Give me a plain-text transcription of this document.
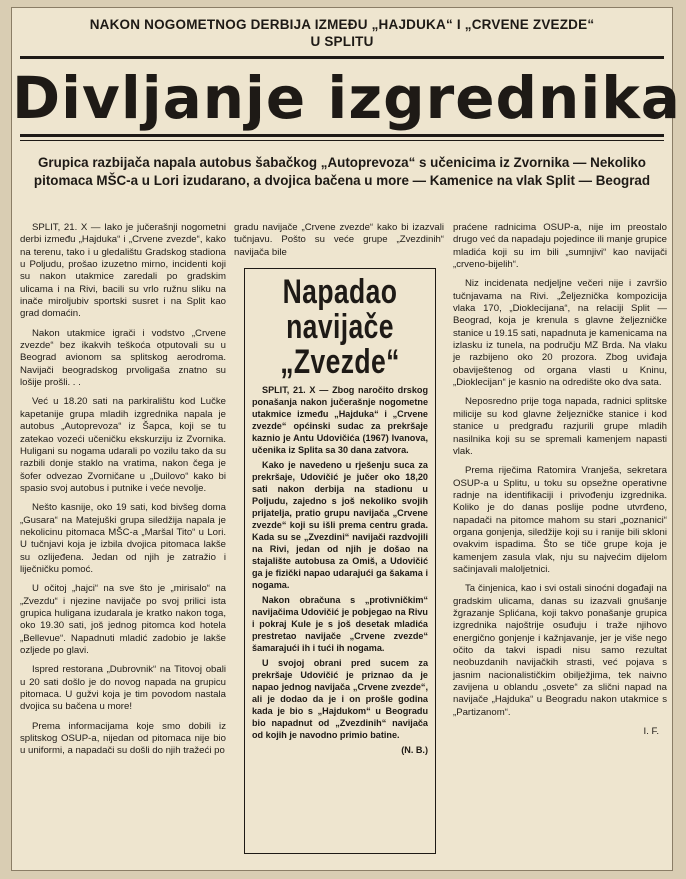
NAKON NOGOMETNOG DERBIJA IZMEĐU „HAJDUKA“ I „CRVENE ZVEZDE“
U SPLITU
Divljanje izgrednika
Grupica razbijača napala autobus šabačkog „Autoprevoza“ s učenicima iz Zvornika — Nekoliko pitomaca MŠC-a u Lori izudarano, a dvojica bačena u more — Kamenice na vlak Split — Beograd

SPLIT, 21. X — Iako je jučerašnji nogometni derbi između „Hajduka“ i „Crvene zvezde“, kako na terenu, tako i u gledalištu Gradskog stadiona u Poljudu, prošao izuzetno mirno, incidenti koji su nakon utakmice zaredali po gradskim ulicama i na Rivi, bacili su vrlo ružnu sliku na inače miroljubiv sportski susret i na Split kao grad domaćin.

Nakon utakmice igrači i vodstvo „Crvene zvezde“ bez ikakvih teškoća otputovali su u Beograd avionom sa splitskog aerodroma. Navijači beogradskog prvoligaša znatno su lošije prošli. . .

Već u 18.20 sati na parkiralištu kod Lučke kapetanije grupa mladih izgrednika napala je autobus „Autoprevoza“ iz Šapca, koji se tu zatekao vozeći učeničku ekskurziju iz Zvornika. Huligani su nogama udarali po vozilu tako da su razbili donje staklo na vratima, nakon čega je šofer odvezao Zvorničane u „Duilovo“ kako bi spasio svoj autobus i putnike i veće nevolje.

Nešto kasnije, oko 19 sati, kod bivšeg doma „Gusara“ na Matejuški grupa siledžija napala je nekolicinu pitomaca MŠC-a „Maršal Tito“ u Lori. U tučnjavi koja je izbila dvojica pitomaca lakše su ozlijeđena. Jedan od njih je zatražio i liječničku pomoć.

U očitoj „hajci“ na sve što je „mirisalo“ na „Zvezdu“ i njezine navijače po svoj prilici ista grupica huligana izudarala je kratko nakon toga, oko 19.30 sati, još jednog pitomca kod hotela „Bellevue“. Napadnuti mladić zadobio je lakše ozljede po glavi.

Ispred restorana „Dubrovnik“ na Titovoj obali u 20 sati došlo je do novog napada na grupicu pitomaca. U gužvi koja je tim povodom nastala dvojica su bačena u more!

Prema informacijama koje smo dobili iz splitskog OSUP-a, nijedan od pitomaca nije bio u uniformi, a napadači su došli do njih tražeći po

gradu navijače „Crvene zvezde“ kako bi izazvali tučnjavu. Pošto su veće grupe „Zvezdinih“ navijača bile

Napadao
navijače
„Zvezde“

SPLIT, 21. X — Zbog naročito drskog ponašanja nakon jučerašnje nogometne utakmice između „Hajduka“ i „Crvene zvezde“ općinski sudac za prekršaje kaznio je Antu Udovičića (1967) Ivanova, učenika iz Splita sa 30 dana zatvora.

Kako je navedeno u rješenju suca za prekršaje, Udovičić je jučer oko 18,20 sati nakon derbija na stadionu u Poljudu, zajedno s još nekoliko svojih prijatelja, pratio grupu navijača „Crvene zvezde“ koji su išli prema centru grada. Kada su se „Zvezdini“ navijači razdvojili na Rivi, jedan od njih je došao na stajalište autobusa za Omiš, a Udovičić ga je fizički napao udarajući ga šakama i nogama.

Nakon obračuna s „protivničkim“ navijačima Udovičić je pobjegao na Rivu i pokraj Kule je s još desetak mladića prestretao navijače „Crvene zvezde“ šamarajući ih i tući ih nogama.

U svojoj obrani pred sucem za prekršaje Udovičić je priznao da je napao jednog navijača „Crvene zvezde“, ali je dodao da je i on prošle godina kada je bio s „Hajdukom“ u Beogradu bio napadnut od „Zvezdinih“ navijača od kojih je navodno primio batine.

(N. B.)

praćene radnicima OSUP-a, nije im preostalo drugo već da napadaju pojedince ili manje grupice mladića koji su im bili „sumnjivi“ kao navijači „crveno-bijelih“.

Niz incidenata nedjeljne večeri nije i završio tučnjavama na Rivi. „Željeznička kompozicija vlaka 170, „Dioklecijana“, na relaciji Split — Beograd, koja je krenula s glavne željezničke stanice u 19.15 sati, napadnuta je kamenicama na izlasku iz tunela, na području MZ Brda. Na vlaku je razbijeno oko 20 prozora. Zbog uviđaja obaviještenog od organa vlasti u Kninu, „Dioklecijan“ je kasnio na odredište oko dva sata.

Neposredno prije toga napada, radnici splitske milicije su kod glavne željezničke stanice i kod stanice u predgrađu razjurili grupe mladih nasilnika koji su se spremali kamenjem napasti vlak.

Prema riječima Ratomira Vranješa, sekretara OSUP-a u Splitu, u toku su opsežne operativne radnje na identifikaciji i privođenju izgrednika. Koliko je do danas poslije podne utvrđeno, napadači na pitomce mahom su stari „poznanici“ organa gonjenja, siledžije koji su i ranije bili skloni ovakvim ispadima. Što se tiče grupe koja je kamenjem zasula vlak, nju su najvećim dijelom sačinjavali maloljetnici.

Ta činjenica, kao i svi ostali sinoćni događaji na gradskim ulicama, danas su izazvali gnušanje žgrazanje Splićana, koji takvo ponašanje grupica izgrednika najoštrije osuđuju i traže njihovo energično gonjenje i kažnjavanje, jer je više nego očito da takvi ispadi nisu samo rezultat neobuzdanih navijačkih strasti, već pojava s jasnim nacionalističkim obilježjima, tek naivno zavijena u oblandu „osvete“ za slični napad na navijače „Hajduka“ u Beogradu nakon utakmice s „Partizanom“.

I. F.
